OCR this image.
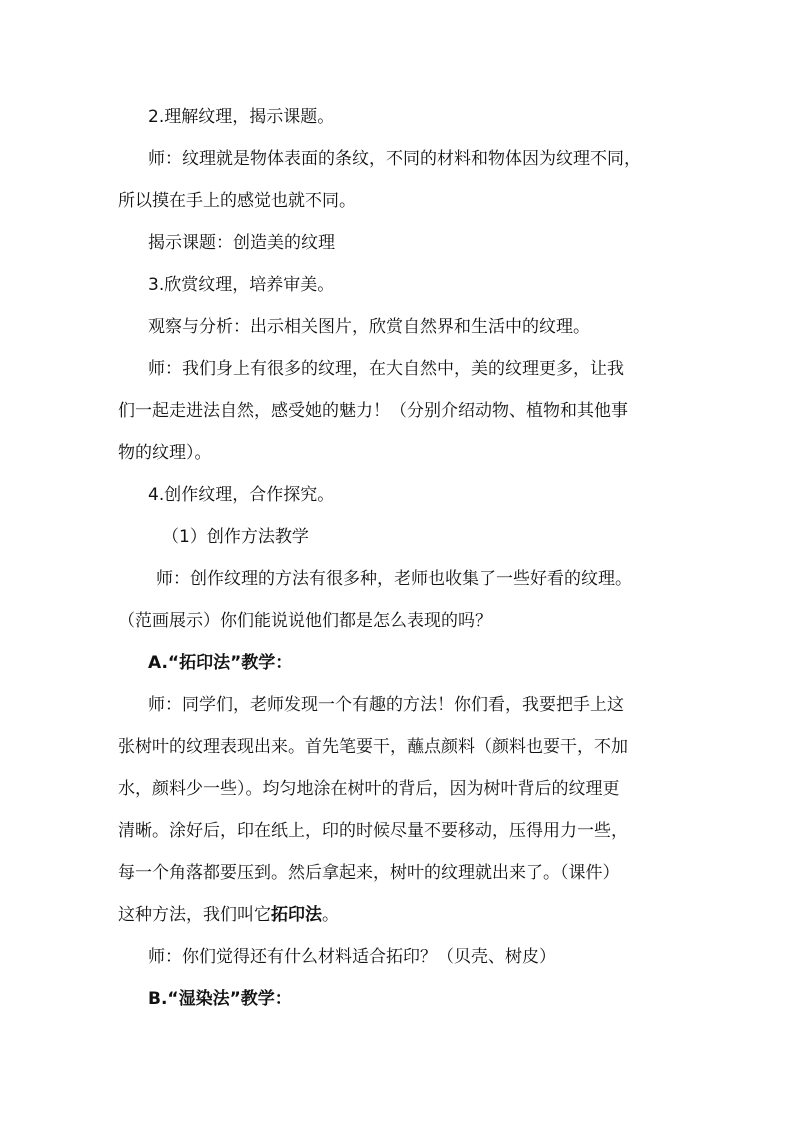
2.理解纹理，揭示课题。

师：纹理就是物体表面的条纹，不同的材料和物体因为纹理不同，

所以摸在手上的感觉也就不同。

揭示课题：创造美的纹理

3.欣赏纹理，培养审美。

观察与分析：出示相关图片，欣赏自然界和生活中的纹理。

师：我们身上有很多的纹理，在大自然中，美的纹理更多，让我

们一起走进法自然，感受她的魅力！（分别介绍动物、植物和其他事

物的纹理）。

4.创作纹理，合作探究。

（1）创作方法教学

师：创作纹理的方法有很多种，老师也收集了一些好看的纹理。

（范画展示）你们能说说他们都是怎么表现的吗？

A.“拓印法”教学：

师：同学们，老师发现一个有趣的方法！你们看，我要把手上这

张树叶的纹理表现出来。首先笔要干，蘸点颜料（颜料也要干，不加

水，颜料少一些）。均匀地涂在树叶的背后，因为树叶背后的纹理更

清晰。涂好后，印在纸上，印的时候尽量不要移动，压得用力一些，

每一个角落都要压到。然后拿起来，树叶的纹理就出来了。（课件）

这种方法，我们叫它拓印法。

师：你们觉得还有什么材料适合拓印？（贝壳、树皮）

B.“湿染法”教学：
